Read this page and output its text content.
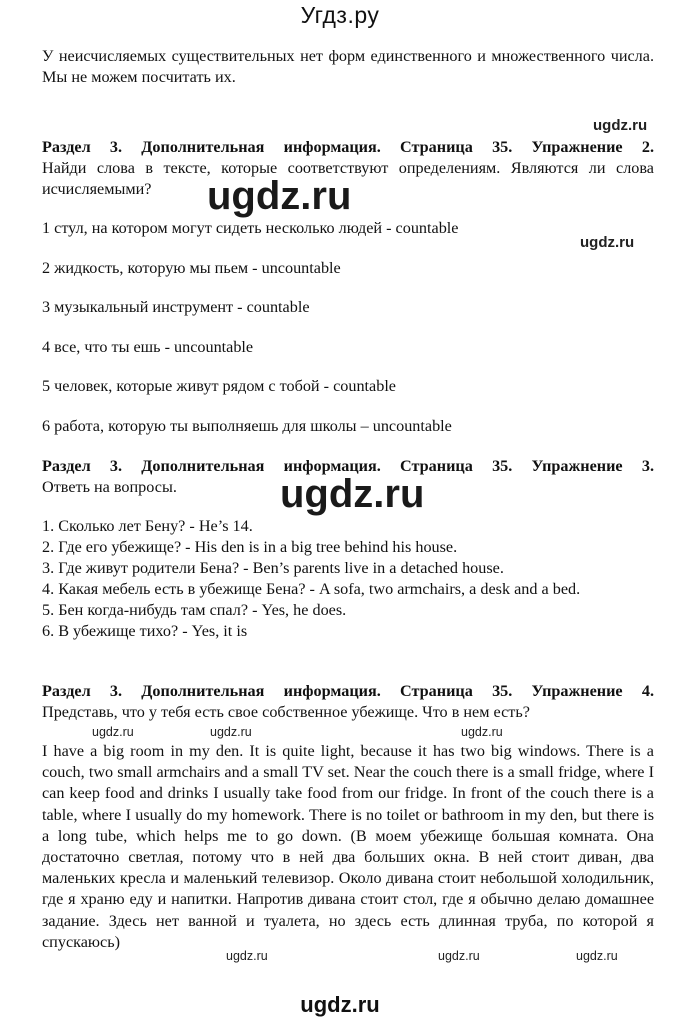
Угдз.ру

У неисчисляемых существительных нет форм единственного и множественного числа. Мы не можем посчитать их.

ugdz.ru
Раздел 3. Дополнительная информация. Страница 35. Упражнение 2.

Найди слова в тексте, которые соответствуют определениям. Являются ли слова исчисляемыми?	ugdz.ru
ugdz.ru
1 стул, на котором могут сидеть несколько людей - countable
2 жидкость, которую мы пьем - uncountable
3 музыкальный инструмент - countable
4 все, что ты ешь - uncountable
5 человек, которые живут рядом с тобой - countable
6 работа, которую ты выполняешь для школы – uncountable
Раздел 3. Дополнительная информация. Страница 35. Упражнение 3.
Ответь на вопросы.	ugdz.ru
1. Сколько лет Бену? - He’s 14.
2. Где его убежище? - His den is in a big tree behind his house.
3. Где живут родители Бена? - Ben’s parents live in a detached house.
4. Какая мебель есть в убежище Бена? - A sofa, two armchairs, a desk and a bed.
5. Бен когда-нибудь там спал? - Yes, he does.
6. В убежище тихо? - Yes, it is
Раздел 3. Дополнительная информация. Страница 35. Упражнение 4.
Представь, что у тебя есть свое собственное убежище. Что в нем есть?
ugdz.ru	ugdz.ru	ugdz.ru

I have a big room in my den. It is quite light, because it has two big windows. There is a couch, two small armchairs and a small TV set. Near the couch there is a small fridge, where I can keep food and drinks I usually take food from our fridge. In front of the couch there is a table, where I usually do my homework. There is no toilet or bathroom in my den, but there is a long tube, which helps me to go down. (В моем убежище большая комната. Она достаточно светлая, потому что в ней два больших окна. В ней стоит диван, два маленьких кресла и маленький телевизор. Около дивана стоит небольшой холодильник, где я храню еду и напитки. Напротив дивана стоит стол, где я обычно делаю домашнее задание. Здесь нет ванной и туалета, но здесь есть длинная труба, по которой я спускаюсь)

ugdz.ru	ugdz.ru	ugdz.ru
ugdz.ru
